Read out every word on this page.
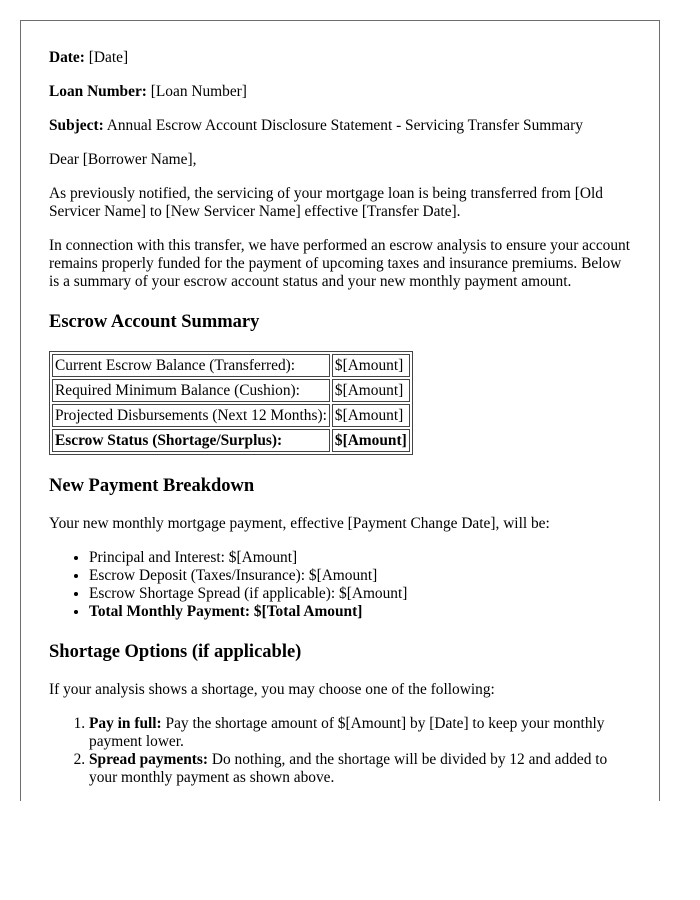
Date: [Date]

Loan Number: [Loan Number]

Subject: Annual Escrow Account Disclosure Statement - Servicing Transfer Summary

Dear [Borrower Name],

As previously notified, the servicing of your mortgage loan is being transferred from [Old Servicer Name] to [New Servicer Name] effective [Transfer Date].

In connection with this transfer, we have performed an escrow analysis to ensure your account remains properly funded for the payment of upcoming taxes and insurance premiums. Below is a summary of your escrow account status and your new monthly payment amount.

Escrow Account Summary
Current Escrow Balance (Transferred):	$[Amount]
Required Minimum Balance (Cushion):	$[Amount]
Projected Disbursements (Next 12 Months):	$[Amount]
Escrow Status (Shortage/Surplus):	$[Amount]
New Payment Breakdown

Your new monthly mortgage payment, effective [Payment Change Date], will be:

• Principal and Interest: $[Amount]
• Escrow Deposit (Taxes/Insurance): $[Amount]
• Escrow Shortage Spread (if applicable): $[Amount]
• Total Monthly Payment: $[Total Amount]
Shortage Options (if applicable)

If your analysis shows a shortage, you may choose one of the following:

1. Pay in full: Pay the shortage amount of $[Amount] by [Date] to keep your monthly payment lower.
2. Spread payments: Do nothing, and the shortage will be divided by 12 and added to your monthly payment as shown above.
